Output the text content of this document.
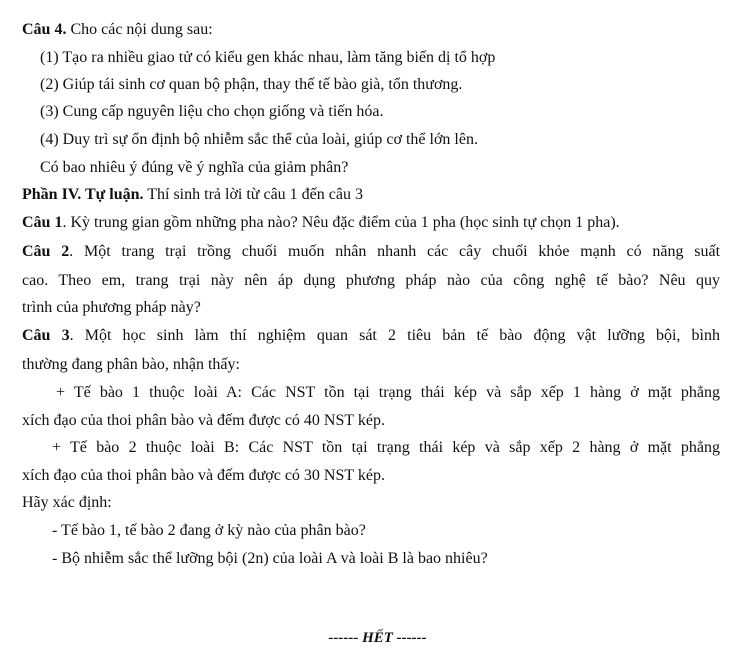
Câu 4. Cho các nội dung sau:
(1) Tạo ra nhiều giao tử có kiểu gen khác nhau, làm tăng biến dị tổ hợp
(2) Giúp tái sinh cơ quan bộ phận, thay thế tế bào già, tổn thương.
(3) Cung cấp nguyên liệu cho chọn giống và tiến hóa.
(4) Duy trì sự ổn định bộ nhiễm sắc thể của loài, giúp cơ thể lớn lên.
Có bao nhiêu ý đúng về ý nghĩa của giảm phân?
Phần IV. Tự luận. Thí sinh trả lời từ câu 1 đến câu 3
Câu 1. Kỳ trung gian gồm những pha nào? Nêu đặc điểm của 1 pha (học sinh tự chọn 1 pha).
Câu 2. Một trang trại trồng chuối muốn nhân nhanh các cây chuối khỏe mạnh có năng suất
cao. Theo em, trang trại này nên áp dụng phương pháp nào của công nghệ tế bào? Nêu quy
trình của phương pháp này?
Câu 3. Một học sinh làm thí nghiệm quan sát 2 tiêu bản tế bào động vật lưỡng bội, bình
thường đang phân bào, nhận thấy:
+ Tế bào 1 thuộc loài A: Các NST tồn tại trạng thái kép và sắp xếp 1 hàng ở mặt phẳng
xích đạo của thoi phân bào và đếm được có 40 NST kép.
+ Tế bào 2 thuộc loài B: Các NST tồn tại trạng thái kép và sắp xếp 2 hàng ở mặt phẳng
xích đạo của thoi phân bào và đếm được có 30 NST kép.
Hãy xác định:
- Tế bào 1, tế bào 2 đang ở kỳ nào của phân bào?
- Bộ nhiễm sắc thể lưỡng bội (2n) của loài A và loài B là bao nhiêu?
------ HẾT ------
